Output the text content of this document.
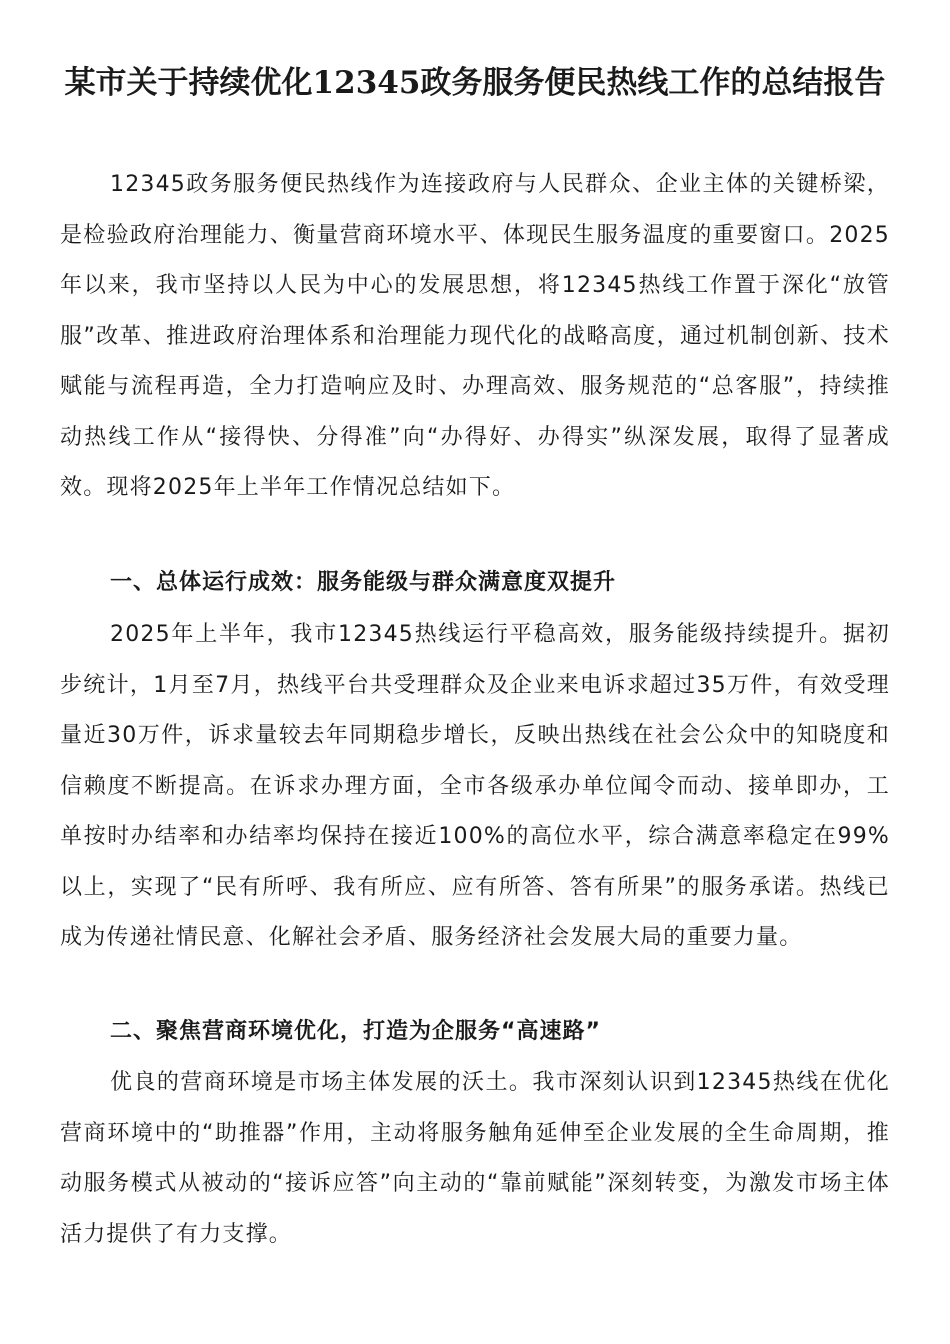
某市关于持续优化12345政务服务便民热线工作的总结报告

12345政务服务便民热线作为连接政府与人民群众、企业主体的关键桥梁，是检验政府治理能力、衡量营商环境水平、体现民生服务温度的重要窗口。2025年以来，我市坚持以人民为中心的发展思想，将12345热线工作置于深化“放管服”改革、推进政府治理体系和治理能力现代化的战略高度，通过机制创新、技术赋能与流程再造，全力打造响应及时、办理高效、服务规范的“总客服”，持续推动热线工作从“接得快、分得准”向“办得好、办得实”纵深发展，取得了显著成效。现将2025年上半年工作情况总结如下。

一、总体运行成效：服务能级与群众满意度双提升

2025年上半年，我市12345热线运行平稳高效，服务能级持续提升。据初步统计，1月至7月，热线平台共受理群众及企业来电诉求超过35万件，有效受理量近30万件，诉求量较去年同期稳步增长，反映出热线在社会公众中的知晓度和信赖度不断提高。在诉求办理方面，全市各级承办单位闻令而动、接单即办，工单按时办结率和办结率均保持在接近100%的高位水平，综合满意率稳定在99%以上，实现了“民有所呼、我有所应、应有所答、答有所果”的服务承诺。热线已成为传递社情民意、化解社会矛盾、服务经济社会发展大局的重要力量。

二、聚焦营商环境优化，打造为企服务“高速路”

优良的营商环境是市场主体发展的沃土。我市深刻认识到12345热线在优化营商环境中的“助推器”作用，主动将服务触角延伸至企业发展的全生命周期，推动服务模式从被动的“接诉应答”向主动的“靠前赋能”深刻转变，为激发市场主体活力提供了有力支撑。
